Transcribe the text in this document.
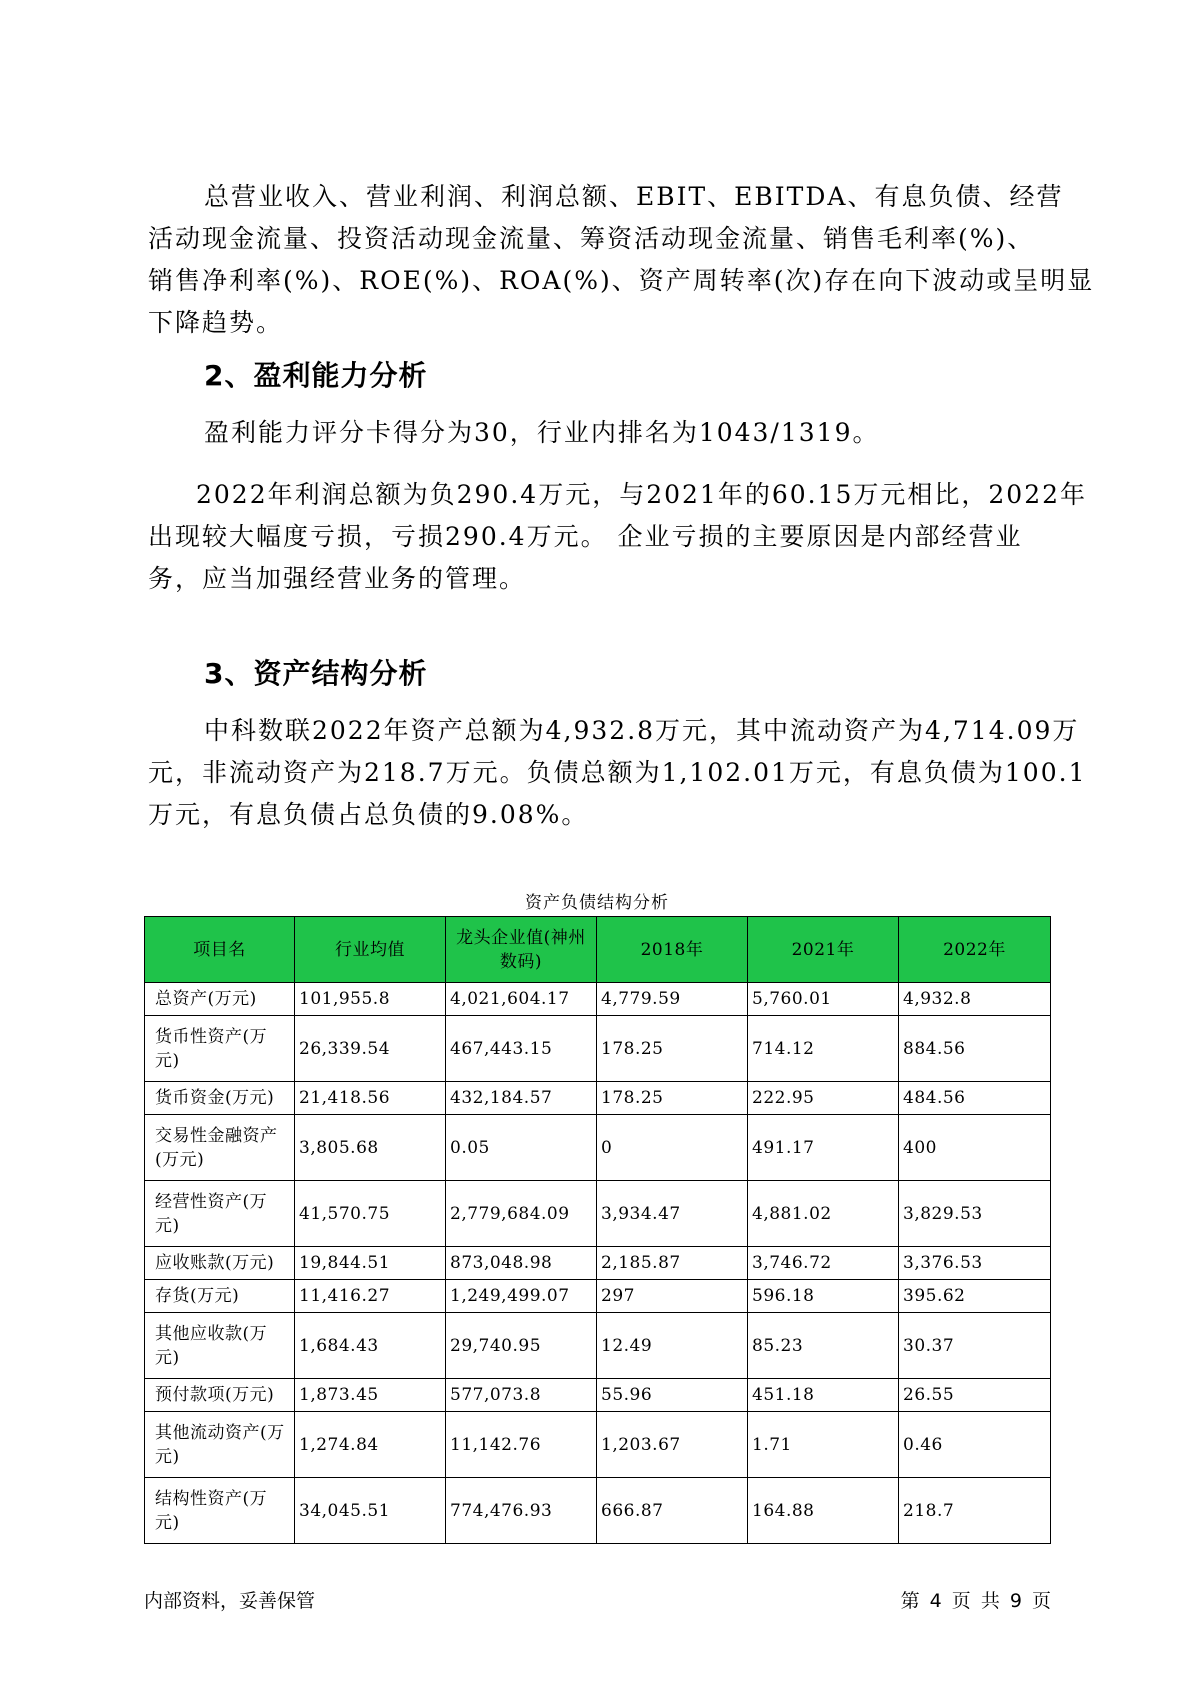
总营业收入、营业利润、利润总额、EBIT、EBITDA、有息负债、经营
活动现金流量、投资活动现金流量、筹资活动现金流量、销售毛利率(%)、
销售净利率(%)、ROE(%)、ROA(%)、资产周转率(次)存在向下波动或呈明显
下降趋势。
2、盈利能力分析
盈利能力评分卡得分为30，行业内排名为1043/1319。
2022年利润总额为负290.4万元，与2021年的60.15万元相比，2022年
出现较大幅度亏损，亏损290.4万元。 企业亏损的主要原因是内部经营业
务，应当加强经营业务的管理。
3、资产结构分析
中科数联2022年资产总额为4,932.8万元，其中流动资产为4,714.09万
元，非流动资产为218.7万元。负债总额为1,102.01万元，有息负债为100.1
万元，有息负债占总负债的9.08%。
资产负债结构分析
项目名	行业均值	龙头企业值(神州数码)	2018年	2021年	2022年
总资产(万元)	101,955.8	4,021,604.17	4,779.59	5,760.01	4,932.8
货币性资产(万元)	26,339.54	467,443.15	178.25	714.12	884.56
货币资金(万元)	21,418.56	432,184.57	178.25	222.95	484.56
交易性金融资产(万元)	3,805.68	0.05	0	491.17	400
经营性资产(万元)	41,570.75	2,779,684.09	3,934.47	4,881.02	3,829.53
应收账款(万元)	19,844.51	873,048.98	2,185.87	3,746.72	3,376.53
存货(万元)	11,416.27	1,249,499.07	297	596.18	395.62
其他应收款(万元)	1,684.43	29,740.95	12.49	85.23	30.37
预付款项(万元)	1,873.45	577,073.8	55.96	451.18	26.55
其他流动资产(万元)	1,274.84	11,142.76	1,203.67	1.71	0.46
结构性资产(万元)	34,045.51	774,476.93	666.87	164.88	218.7
内部资料，妥善保管	第 4 页 共 9 页
